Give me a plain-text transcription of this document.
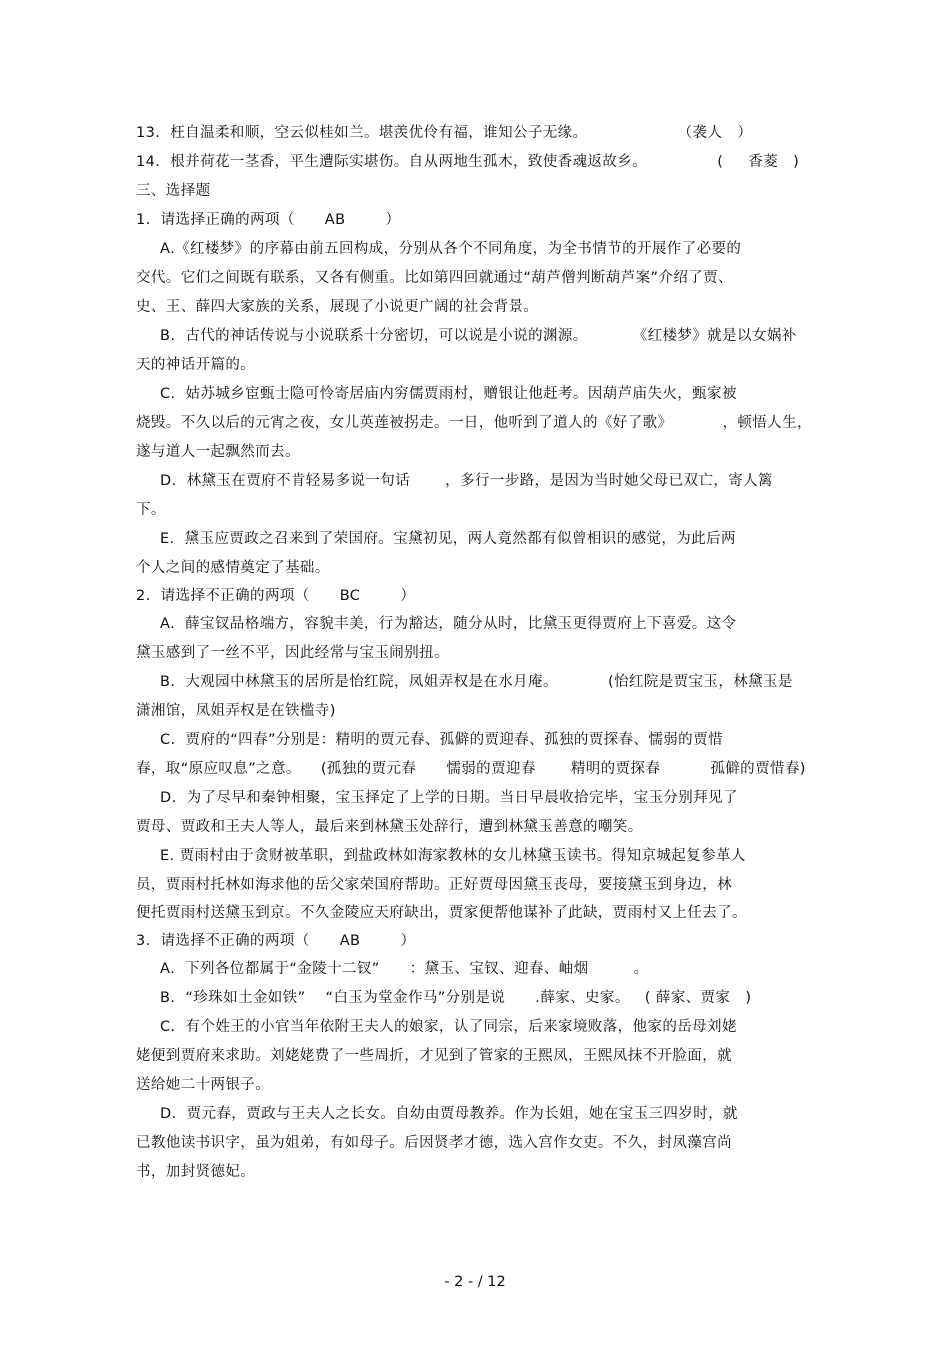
13.  枉自温柔和顺，空云似桂如兰。堪羡优伶有福，谁知公子无缘。                  （袭人   ）
14.  根并荷花一茎香，平生遭际实堪伤。自从两地生孤木，致使香魂返故乡。              (     香菱   )
三、选择题
1.  请选择正确的两项（      AB        ）
A.《红楼梦》的序幕由前五回构成，分别从各个不同角度，为全书情节的开展作了必要的
交代。它们之间既有联系，又各有侧重。比如第四回就通过“葫芦僧判断葫芦案”介绍了贾、
史、王、薛四大家族的关系，展现了小说更广阔的社会背景。
B.  古代的神话传说与小说联系十分密切，可以说是小说的渊源。         《红楼梦》就是以女娲补
天的神话开篇的。
C.  姑苏城乡宦甄士隐可怜寄居庙内穷儒贾雨村，赠银让他赶考。因葫芦庙失火，甄家被
烧毁。不久以后的元宵之夜，女儿英莲被拐走。一日，他听到了道人的《好了歌》          ，顿悟人生，
遂与道人一起飘然而去。
D.  林黛玉在贾府不肯轻易多说一句话       ，多行一步路，是因为当时她父母已双亡，寄人篱
下。
E.  黛玉应贾政之召来到了荣国府。宝黛初见，两人竟然都有似曾相识的感觉，为此后两
个人之间的感情奠定了基础。
2.  请选择不正确的两项（      BC        ）
A.  薛宝钗品格端方，容貌丰美，行为豁达，随分从时，比黛玉更得贾府上下喜爱。这令
黛玉感到了一丝不平，因此经常与宝玉闹别扭。
B.  大观园中林黛玉的居所是怡红院，凤姐弄权是在水月庵。          (怡红院是贾宝玉，林黛玉是
潇湘馆，凤姐弄权是在铁槛寺)
C.  贾府的“四春”分别是：精明的贾元春、孤僻的贾迎春、孤独的贾探春、懦弱的贾惜
春，取“原应叹息”之意。    (孤独的贾元春      懦弱的贾迎春       精明的贾探春          孤僻的贾惜春)
D.  为了尽早和秦钟相聚，宝玉择定了上学的日期。当日早晨收拾完毕，宝玉分别拜见了
贾母、贾政和王夫人等人，最后来到林黛玉处辞行，遭到林黛玉善意的嘲笑。
E. 贾雨村由于贪财被革职，到盐政林如海家教林的女儿林黛玉读书。得知京城起复参革人
员，贾雨村托林如海求他的岳父家荣国府帮助。正好贾母因黛玉丧母，要接黛玉到身边，林
便托贾雨村送黛玉到京。不久金陵应天府缺出，贾家便帮他谋补了此缺，贾雨村又上任去了。
3.  请选择不正确的两项（      AB        ）
A.  下列各位都属于“金陵十二钗”      ：黛玉、宝钗、迎春、岫烟         。
B.  “珍珠如土金如铁”    “白玉为堂金作马”分别是说      .薛家、史家。   ( 薛家、贾家   )
C.  有个姓王的小官当年依附王夫人的娘家，认了同宗，后来家境败落，他家的岳母刘姥
姥便到贾府来求助。刘姥姥费了一些周折，才见到了管家的王熙凤，王熙凤抹不开脸面，就
送给她二十两银子。
D.  贾元春，贾政与王夫人之长女。自幼由贾母教养。作为长姐，她在宝玉三四岁时，就
已教他读书识字，虽为姐弟，有如母子。后因贤孝才德，选入宫作女吏。不久，封凤藻宫尚
书，加封贤德妃。
- 2 - / 12
